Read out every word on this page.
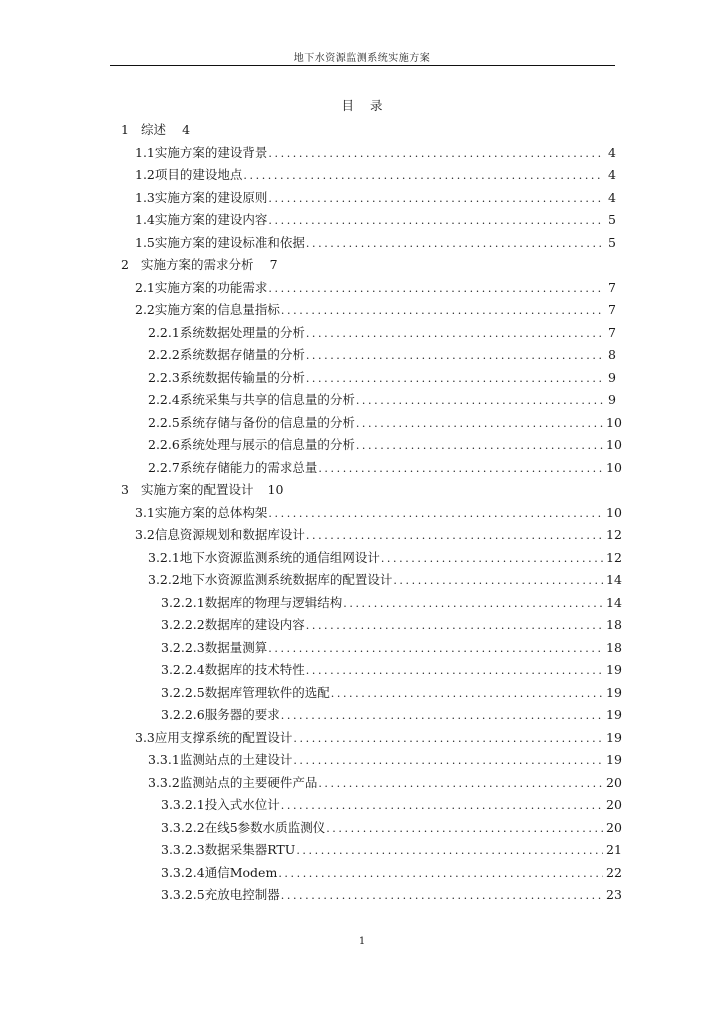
地下水资源监测系统实施方案
目 录
1 综述 4
1.1 实施方案的建设背景 .....	4
1.2 项目的建设地点 .....	4
1.3 实施方案的建设原则 .....	4
1.4 实施方案的建设内容 .....	5
1.5 实施方案的建设标准和依据 .....	5
2 实施方案的需求分析 7
2.1 实施方案的功能需求 .....	7
2.2 实施方案的信息量指标 .....	7
2.2.1 系统数据处理量的分析 .....	7
2.2.2 系统数据存储量的分析 .....	8
2.2.3 系统数据传输量的分析 .....	9
2.2.4 系统采集与共享的信息量的分析 .....	9
2.2.5 系统存储与备份的信息量的分析 .....	10
2.2.6 系统处理与展示的信息量的分析 .....	10
2.2.7 系统存储能力的需求总量 .....	10
3 实施方案的配置设计 10
3.1 实施方案的总体构架 .....	10
3.2 信息资源规划和数据库设计 .....	12
3.2.1 地下水资源监测系统的通信组网设计 .....	12
3.2.2 地下水资源监测系统数据库的配置设计 .....	14
3.2.2.1 数据库的物理与逻辑结构 .....	14
3.2.2.2 数据库的建设内容 .....	18
3.2.2.3 数据量测算 .....	18
3.2.2.4 数据库的技术特性 .....	19
3.2.2.5 数据库管理软件的选配 .....	19
3.2.2.6 服务器的要求 .....	19
3.3 应用支撑系统的配置设计 .....	19
3.3.1 监测站点的土建设计 .....	19
3.3.2 监测站点的主要硬件产品 .....	20
3.3.2.1 投入式水位计 .....	20
3.3.2.2 在线5参数水质监测仪 .....	20
3.3.2.3 数据采集器RTU .....	21
3.3.2.4 通信Modem .....	22
3.3.2.5 充放电控制器 .....	23
1
